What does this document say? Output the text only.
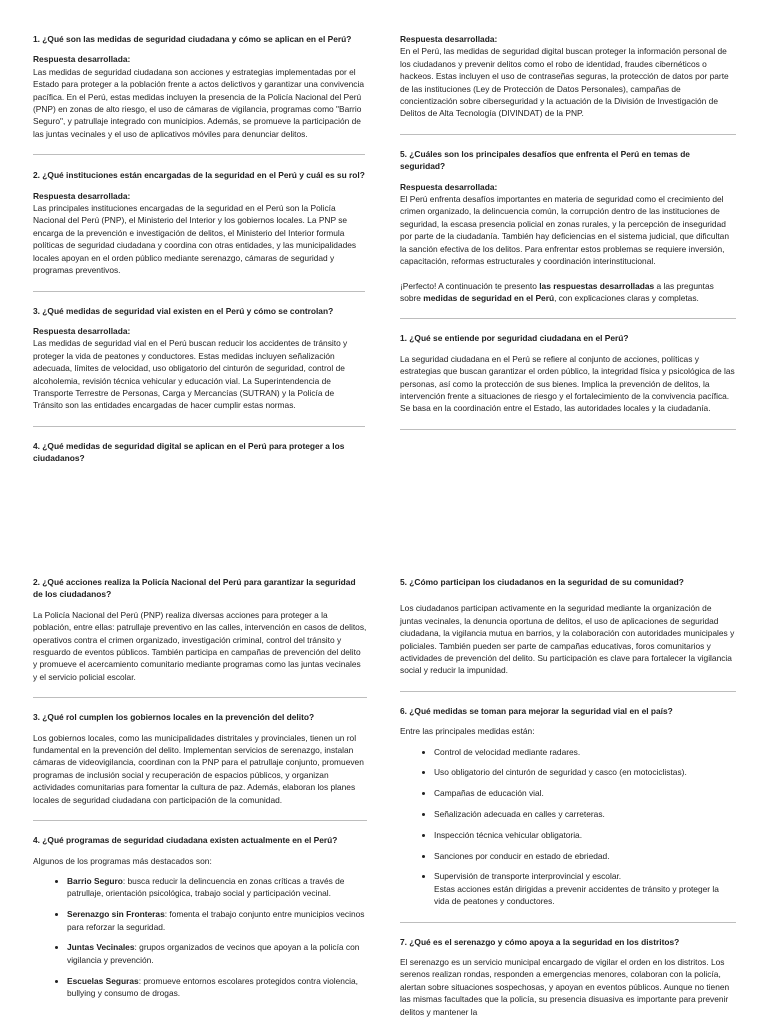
1. ¿Qué son las medidas de seguridad ciudadana y cómo se aplican en el Perú?

Respuesta desarrollada:

Las medidas de seguridad ciudadana son acciones y estrategias implementadas por el Estado para proteger a la población frente a actos delictivos y garantizar una convivencia pacífica. En el Perú, estas medidas incluyen la presencia de la Policía Nacional del Perú (PNP) en zonas de alto riesgo, el uso de cámaras de vigilancia, programas como "Barrio Seguro", y patrullaje integrado con municipios. Además, se promueve la participación de las juntas vecinales y el uso de aplicativos móviles para denunciar delitos.

2. ¿Qué instituciones están encargadas de la seguridad en el Perú y cuál es su rol?

Respuesta desarrollada:

Las principales instituciones encargadas de la seguridad en el Perú son la Policía Nacional del Perú (PNP), el Ministerio del Interior y los gobiernos locales. La PNP se encarga de la prevención e investigación de delitos, el Ministerio del Interior formula políticas de seguridad ciudadana y coordina con otras entidades, y las municipalidades locales apoyan en el orden público mediante serenazgo, cámaras de seguridad y programas preventivos.

3. ¿Qué medidas de seguridad vial existen en el Perú y cómo se controlan?

Respuesta desarrollada:

Las medidas de seguridad vial en el Perú buscan reducir los accidentes de tránsito y proteger la vida de peatones y conductores. Estas medidas incluyen señalización adecuada, límites de velocidad, uso obligatorio del cinturón de seguridad, control de alcoholemia, revisión técnica vehicular y educación vial. La Superintendencia de Transporte Terrestre de Personas, Carga y Mercancías (SUTRAN) y la Policía de Tránsito son las entidades encargadas de hacer cumplir estas normas.

4. ¿Qué medidas de seguridad digital se aplican en el Perú para proteger a los ciudadanos?

Respuesta desarrollada:

En el Perú, las medidas de seguridad digital buscan proteger la información personal de los ciudadanos y prevenir delitos como el robo de identidad, fraudes cibernéticos o hackeos. Estas incluyen el uso de contraseñas seguras, la protección de datos por parte de las instituciones (Ley de Protección de Datos Personales), campañas de concientización sobre ciberseguridad y la actuación de la División de Investigación de Delitos de Alta Tecnología (DIVINDAT) de la PNP.

5. ¿Cuáles son los principales desafíos que enfrenta el Perú en temas de seguridad?

Respuesta desarrollada:

El Perú enfrenta desafíos importantes en materia de seguridad como el crecimiento del crimen organizado, la delincuencia común, la corrupción dentro de las instituciones de seguridad, la escasa presencia policial en zonas rurales, y la percepción de inseguridad por parte de la ciudadanía. También hay deficiencias en el sistema judicial, que dificultan la sanción efectiva de los delitos. Para enfrentar estos problemas se requiere inversión, capacitación, reformas estructurales y coordinación interinstitucional.

¡Perfecto! A continuación te presento las respuestas desarrolladas a las preguntas sobre medidas de seguridad en el Perú, con explicaciones claras y completas.

1. ¿Qué se entiende por seguridad ciudadana en el Perú?

La seguridad ciudadana en el Perú se refiere al conjunto de acciones, políticas y estrategias que buscan garantizar el orden público, la integridad física y psicológica de las personas, así como la protección de sus bienes. Implica la prevención de delitos, la intervención frente a situaciones de riesgo y el fortalecimiento de la convivencia pacífica. Se basa en la coordinación entre el Estado, las autoridades locales y la ciudadanía.

2. ¿Qué acciones realiza la Policía Nacional del Perú para garantizar la seguridad de los ciudadanos?

La Policía Nacional del Perú (PNP) realiza diversas acciones para proteger a la población, entre ellas: patrullaje preventivo en las calles, intervención en casos de delitos, operativos contra el crimen organizado, investigación criminal, control del tránsito y resguardo de eventos públicos. También participa en campañas de prevención del delito y promueve el acercamiento comunitario mediante programas como las juntas vecinales y el servicio policial escolar.

3. ¿Qué rol cumplen los gobiernos locales en la prevención del delito?

Los gobiernos locales, como las municipalidades distritales y provinciales, tienen un rol fundamental en la prevención del delito. Implementan servicios de serenazgo, instalan cámaras de videovigilancia, coordinan con la PNP para el patrullaje conjunto, promueven programas de inclusión social y recuperación de espacios públicos, y organizan actividades comunitarias para fomentar la cultura de paz. Además, elaboran los planes locales de seguridad ciudadana con participación de la comunidad.

4. ¿Qué programas de seguridad ciudadana existen actualmente en el Perú?

Algunos de los programas más destacados son:

• Barrio Seguro: busca reducir la delincuencia en zonas críticas a través de patrullaje, orientación psicológica, trabajo social y participación vecinal.
• Serenazgo sin Fronteras: fomenta el trabajo conjunto entre municipios vecinos para reforzar la seguridad.
• Juntas Vecinales: grupos organizados de vecinos que apoyan a la policía con vigilancia y prevención.
• Escuelas Seguras: promueve entornos escolares protegidos contra violencia, bullying y consumo de drogas.

5. ¿Cómo participan los ciudadanos en la seguridad de su comunidad?

Los ciudadanos participan activamente en la seguridad mediante la organización de juntas vecinales, la denuncia oportuna de delitos, el uso de aplicaciones de seguridad ciudadana, la vigilancia mutua en barrios, y la colaboración con autoridades municipales y policiales. También pueden ser parte de campañas educativas, foros comunitarios y actividades de prevención del delito. Su participación es clave para fortalecer la vigilancia social y reducir la impunidad.

6. ¿Qué medidas se toman para mejorar la seguridad vial en el país?

Entre las principales medidas están:

• Control de velocidad mediante radares.
• Uso obligatorio del cinturón de seguridad y casco (en motociclistas).
• Campañas de educación vial.
• Señalización adecuada en calles y carreteras.
• Inspección técnica vehicular obligatoria.
• Sanciones por conducir en estado de ebriedad.
• Supervisión de transporte interprovincial y escolar.
Estas acciones están dirigidas a prevenir accidentes de tránsito y proteger la vida de peatones y conductores.

7. ¿Qué es el serenazgo y cómo apoya a la seguridad en los distritos?

El serenazgo es un servicio municipal encargado de vigilar el orden en los distritos. Los serenos realizan rondas, responden a emergencias menores, colaboran con la policía, alertan sobre situaciones sospechosas, y apoyan en eventos públicos. Aunque no tienen las mismas facultades que la policía, su presencia disuasiva es importante para prevenir delitos y mantener la
